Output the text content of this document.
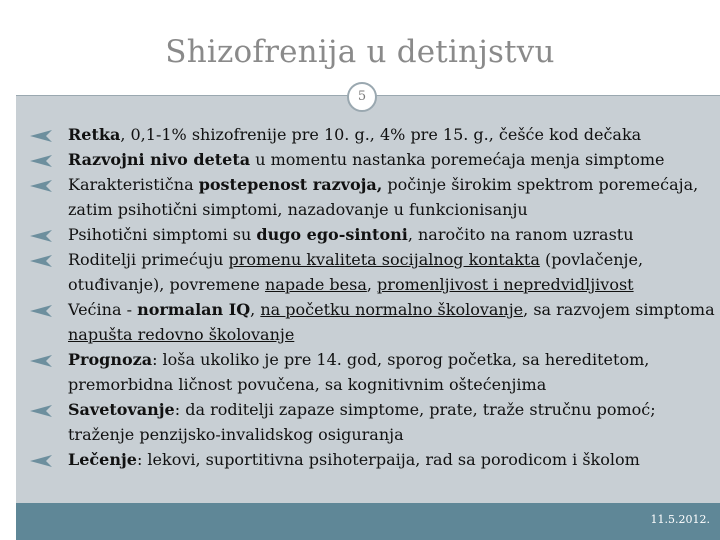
Shizofrenija u detinjstvu
Retka, 0,1-1% shizofrenije pre 10. g., 4% pre 15. g., češće kod dečaka
Razvojni nivo deteta u momentu nastanka poremećaja menja simptome
Karakteristična postepenost razvoja, počinje širokim spektrom poremećaja, zatim psihotični simptomi, nazadovanje u funkcionisanju
Psihotični simptomi su dugo ego-sintoni, naročito na ranom uzrastu
Roditelji primećuju promenu kvaliteta socijalnog kontakta (povlačenje, otuđivanje), povremene napade besa, promenljivost i nepredvidljivost
Većina - normalan IQ, na početku normalno školovanje, sa razvojem simptoma napušta redovno školovanje
Prognoza: loša ukoliko je pre 14. god, sporog početka, sa hereditetom, premorbidna ličnost povučena, sa kognitivnim oštećenjima
Savetovanje: da roditelji zapaze simptome, prate, traže stručnu pomoć; traženje penzijsko-invalidskog osiguranja
Lečenje: lekovi, suportitivna psihoterpaija, rad sa porodicom i školom
5
11.5.2012.
